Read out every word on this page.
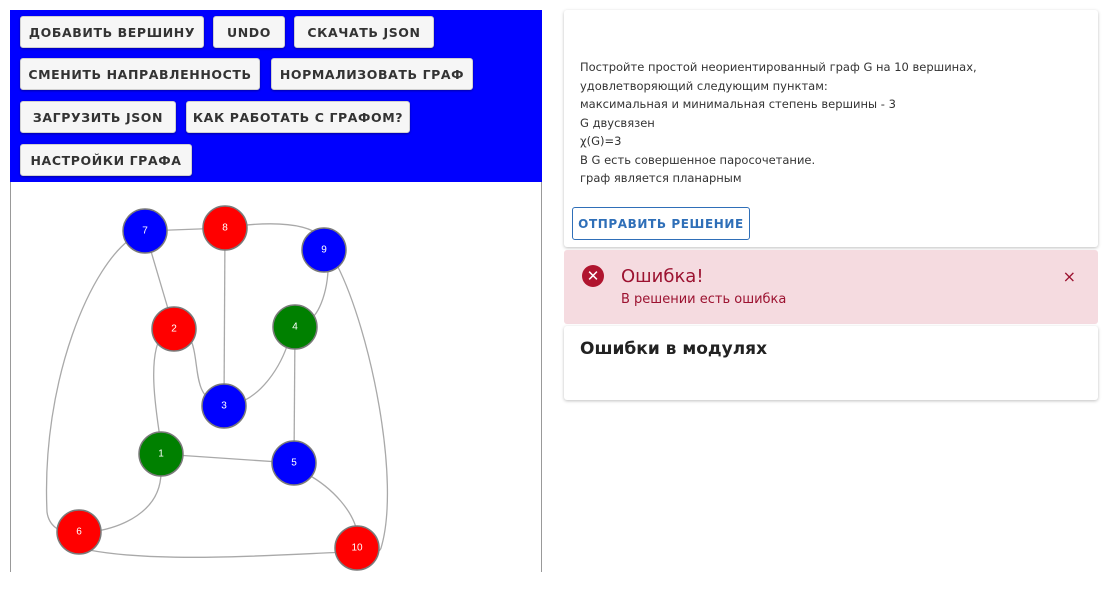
ДОБАВИТЬ ВЕРШИНУ	UNDO	СКАЧАТЬ JSON
СМЕНИТЬ НАПРАВЛЕННОСТЬ	НОРМАЛИЗОВАТЬ ГРАФ
ЗАГРУЗИТЬ JSON	КАК РАБОТАТЬ С ГРАФОМ?
НАСТРОЙКИ ГРАФА
1
2
3
4
5
6
7	8
9
10
Постройте простой неориентированный граф G на 10 вершинах,
удовлетворяющий следующим пунктам:
максимальная и минимальная степень вершины - 3
G двусвязен
χ(G)=3
В G есть совершенное паросочетание.
граф является планарным
ОТПРАВИТЬ РЕШЕНИЕ
✕ Ошибка!
В решении есть ошибка
×
Ошибки в модулях
